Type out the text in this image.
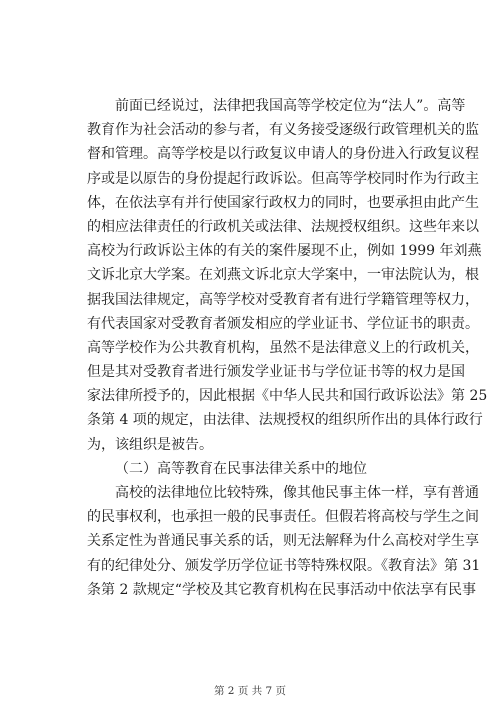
前面已经说过，法律把我国高等学校定位为“法人”。高等
教育作为社会活动的参与者，有义务接受逐级行政管理机关的监
督和管理。高等学校是以行政复议申请人的身份进入行政复议程
序或是以原告的身份提起行政诉讼。但高等学校同时作为行政主
体，在依法享有并行使国家行政权力的同时，也要承担由此产生
的相应法律责任的行政机关或法律、法规授权组织。这些年来以
高校为行政诉讼主体的有关的案件屡现不止，例如 1999 年刘燕
文诉北京大学案。在刘燕文诉北京大学案中，一审法院认为，根
据我国法律规定，高等学校对受教育者有进行学籍管理等权力，
有代表国家对受教育者颁发相应的学业证书、学位证书的职责。
高等学校作为公共教育机构，虽然不是法律意义上的行政机关，
但是其对受教育者进行颁发学业证书与学位证书等的权力是国
家法律所授予的，因此根据《中华人民共和国行政诉讼法》第 25
条第 4 项的规定，由法律、法规授权的组织所作出的具体行政行
为，该组织是被告。
（二）高等教育在民事法律关系中的地位
高校的法律地位比较特殊，像其他民事主体一样，享有普通
的民事权利，也承担一般的民事责任。但假若将高校与学生之间
关系定性为普通民事关系的话，则无法解释为什么高校对学生享
有的纪律处分、颁发学历学位证书等特殊权限。《教育法》第 31
条第 2 款规定“学校及其它教育机构在民事活动中依法享有民事
第 2 页 共 7 页
